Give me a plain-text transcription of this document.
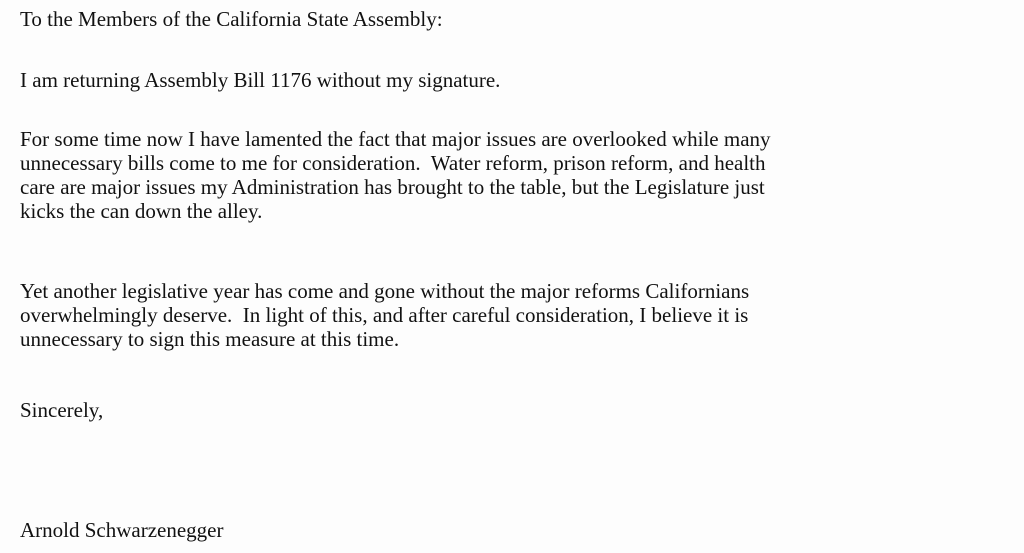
To the Members of the California State Assembly:
I am returning Assembly Bill 1176 without my signature.
For some time now I have lamented the fact that major issues are overlooked while many
unnecessary bills come to me for consideration.  Water reform, prison reform, and health
care are major issues my Administration has brought to the table, but the Legislature just
kicks the can down the alley.
Yet another legislative year has come and gone without the major reforms Californians
overwhelmingly deserve.  In light of this, and after careful consideration, I believe it is
unnecessary to sign this measure at this time.
Sincerely,
Arnold Schwarzenegger
